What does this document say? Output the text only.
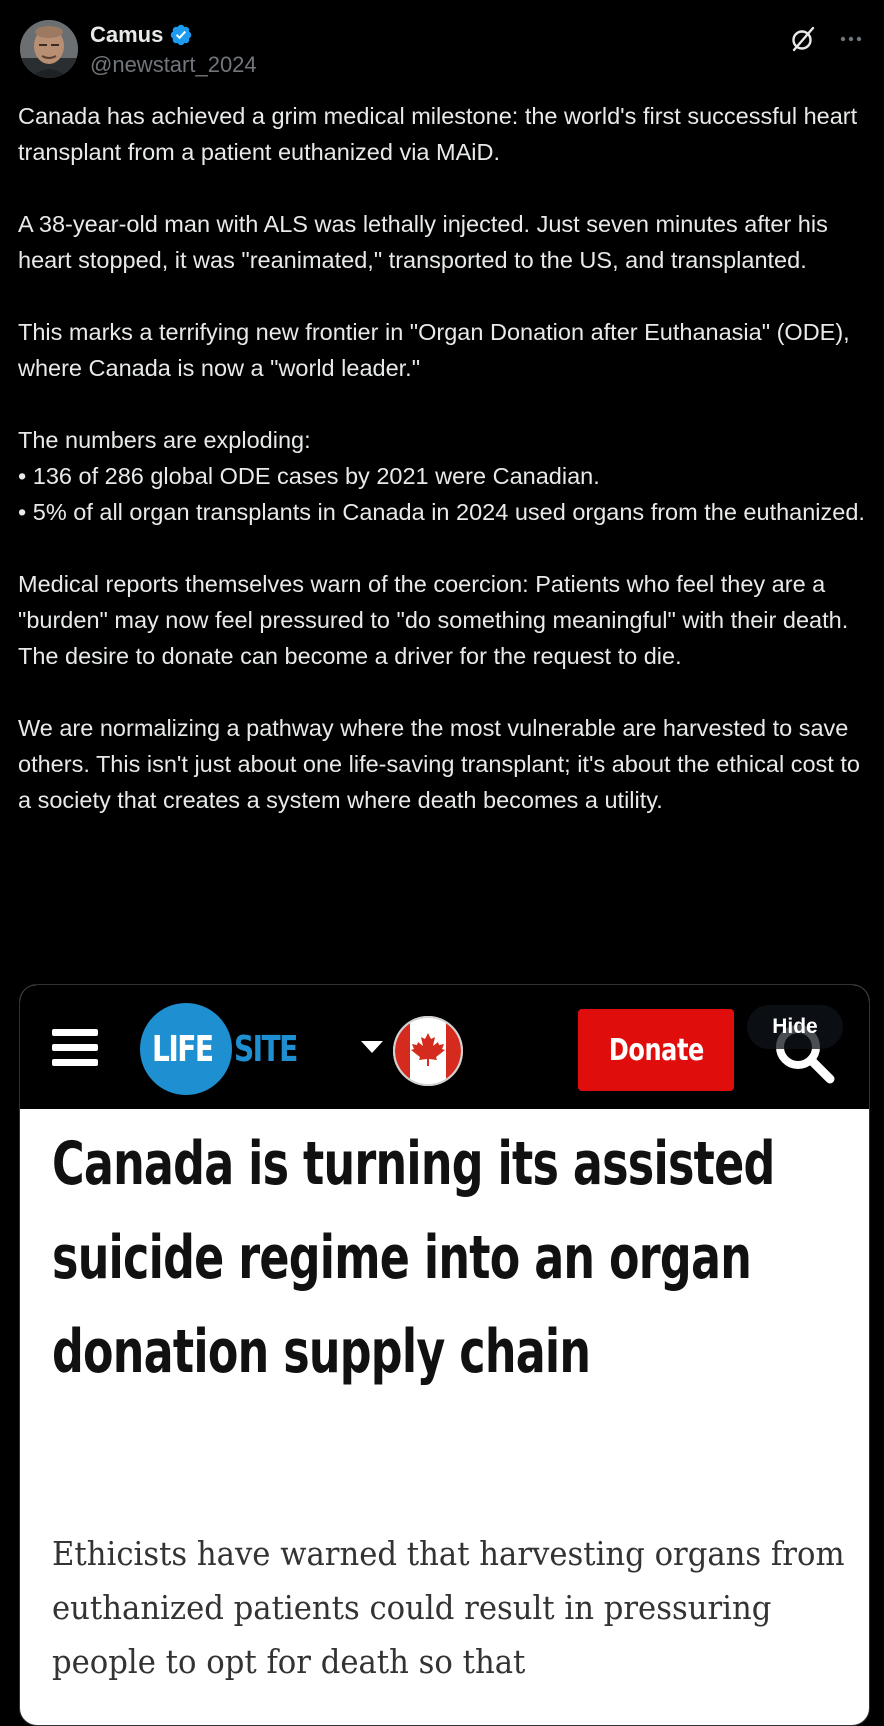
Camus
@newstart_2024

Canada has achieved a grim medical milestone: the world's first successful heart transplant from a patient euthanized via MAiD.

A 38-year-old man with ALS was lethally injected. Just seven minutes after his heart stopped, it was "reanimated," transported to the US, and transplanted.

This marks a terrifying new frontier in "Organ Donation after Euthanasia" (ODE), where Canada is now a "world leader."

The numbers are exploding:

• 136 of 286 global ODE cases by 2021 were Canadian.

• 5% of all organ transplants in Canada in 2024 used organs from the euthanized.

Medical reports themselves warn of the coercion: Patients who feel they are a "burden" may now feel pressured to "do something meaningful" with their death. The desire to donate can become a driver for the request to die.

We are normalizing a pathway where the most vulnerable are harvested to save others. This isn't just about one life-saving transplant; it's about the ethical cost to a society that creates a system where death becomes a utility.

LIFE SITE	Donate
Hide
Canada is turning its assisted suicide regime into an organ donation supply chain
Ethicists have warned that harvesting organs from euthanized patients could result in pressuring people to opt for death so that
